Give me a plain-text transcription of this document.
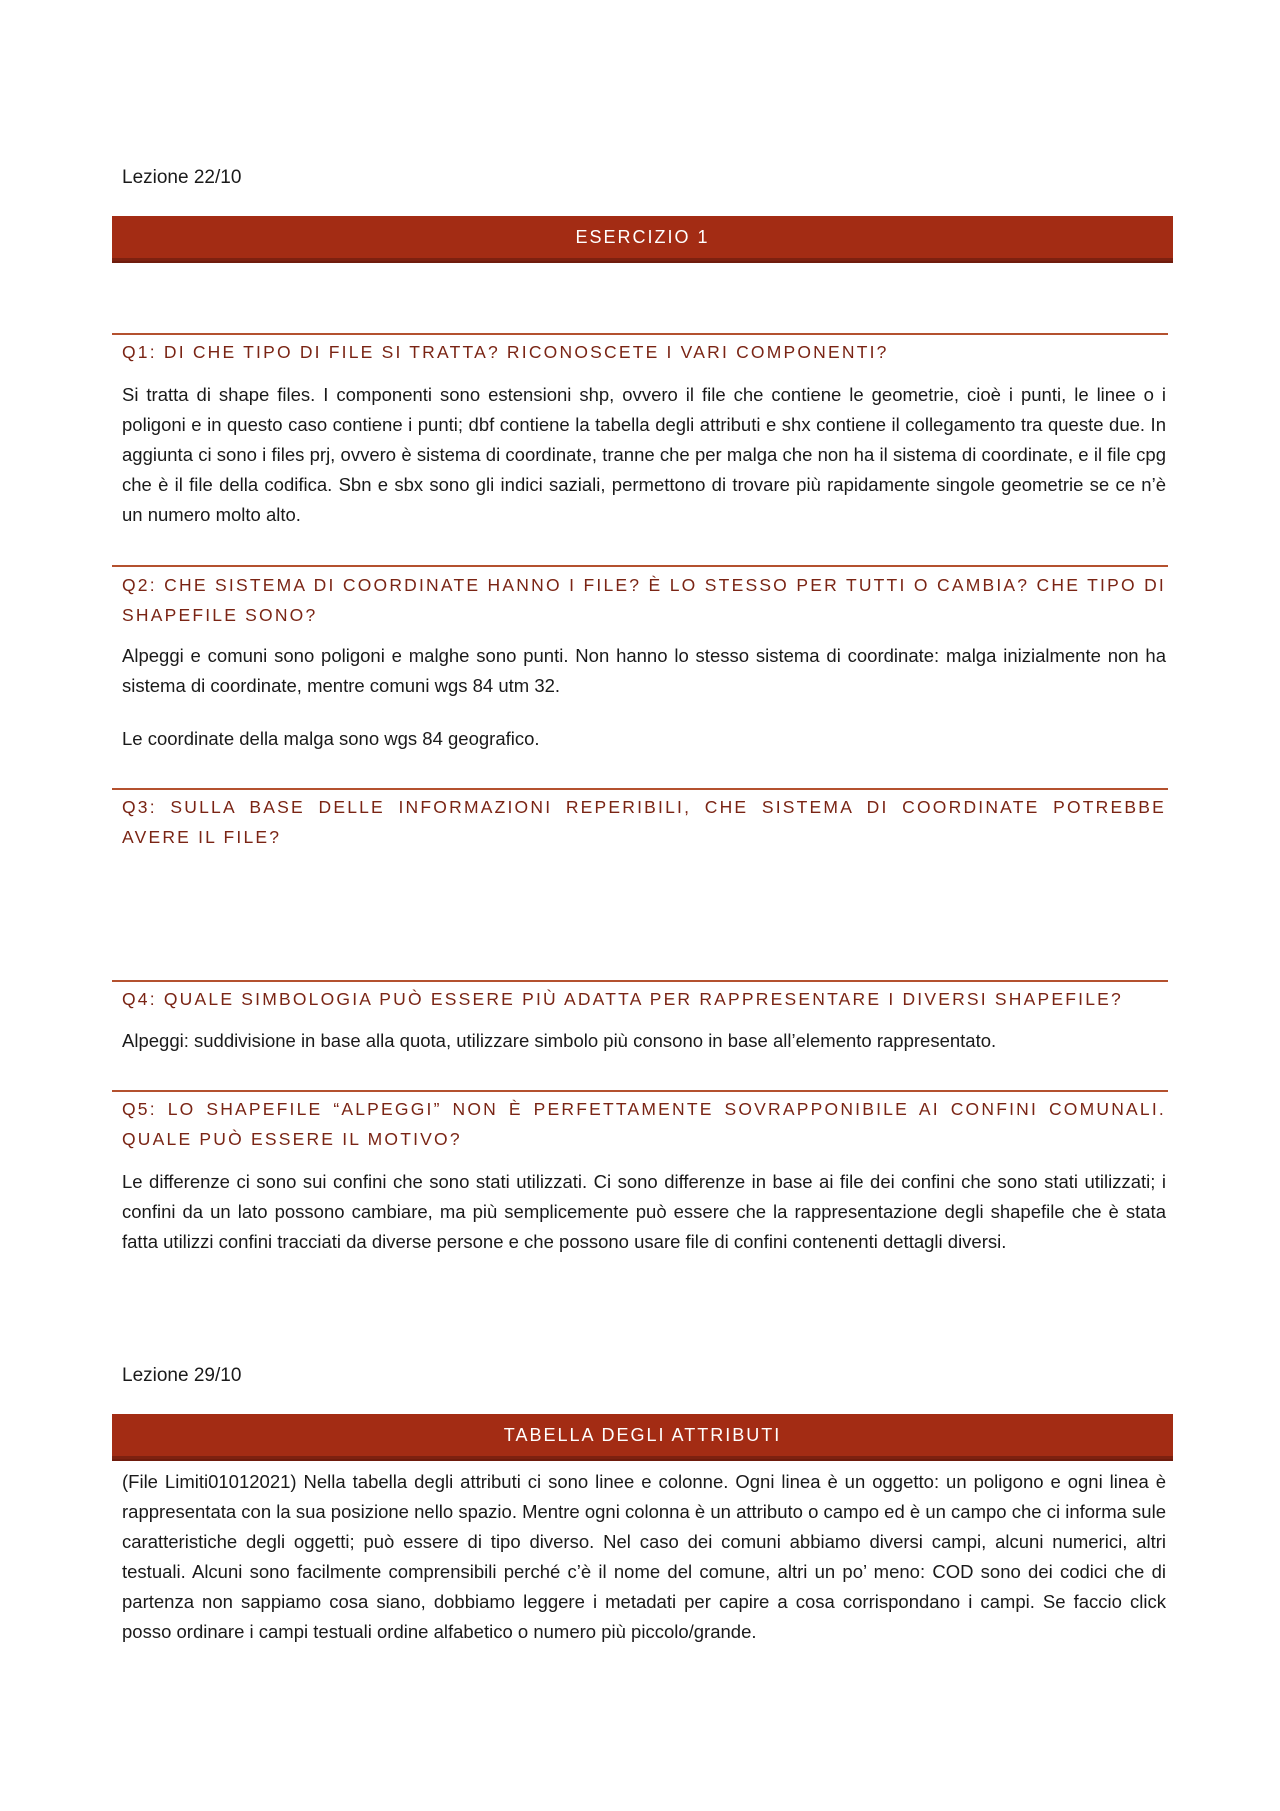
Lezione 22/10
ESERCIZIO 1
Q1: DI CHE TIPO DI FILE SI TRATTA? RICONOSCETE I VARI COMPONENTI?
Si tratta di shape files. I componenti sono estensioni shp, ovvero il file che contiene le geometrie, cioè i punti, le linee o i poligoni e in questo caso contiene i punti; dbf contiene la tabella degli attributi e shx contiene il collegamento tra queste due. In aggiunta ci sono i files prj, ovvero è sistema di coordinate, tranne che per malga che non ha il sistema di coordinate, e il file cpg che è il file della codifica. Sbn e sbx sono gli indici saziali, permettono di trovare più rapidamente singole geometrie se ce n’è un numero molto alto.
Q2: CHE SISTEMA DI COORDINATE HANNO I FILE? È LO STESSO PER TUTTI O CAMBIA? CHE TIPO DI SHAPEFILE SONO?
Alpeggi e comuni sono poligoni e malghe sono punti. Non hanno lo stesso sistema di coordinate: malga inizialmente non ha sistema di coordinate, mentre comuni wgs 84 utm 32.
Le coordinate della malga sono wgs 84 geografico.
Q3: SULLA BASE DELLE INFORMAZIONI REPERIBILI, CHE SISTEMA DI COORDINATE POTREBBE AVERE IL FILE?
Q4: QUALE SIMBOLOGIA PUÒ ESSERE PIÙ ADATTA PER RAPPRESENTARE I DIVERSI SHAPEFILE?
Alpeggi: suddivisione in base alla quota, utilizzare simbolo più consono in base all’elemento rappresentato.
Q5: LO SHAPEFILE “ALPEGGI” NON È PERFETTAMENTE SOVRAPPONIBILE AI CONFINI COMUNALI. QUALE PUÒ ESSERE IL MOTIVO?
Le differenze ci sono sui confini che sono stati utilizzati. Ci sono differenze in base ai file dei confini che sono stati utilizzati; i confini da un lato possono cambiare, ma più semplicemente può essere che la rappresentazione degli shapefile che è stata fatta utilizzi confini tracciati da diverse persone e che possono usare file di confini contenenti dettagli diversi.
Lezione 29/10
TABELLA DEGLI ATTRIBUTI
(File Limiti01012021) Nella tabella degli attributi ci sono linee e colonne. Ogni linea è un oggetto: un poligono e ogni linea è rappresentata con la sua posizione nello spazio. Mentre ogni colonna è un attributo o campo ed è un campo che ci informa sule caratteristiche degli oggetti; può essere di tipo diverso. Nel caso dei comuni abbiamo diversi campi, alcuni numerici, altri testuali. Alcuni sono facilmente comprensibili perché c’è il nome del comune, altri un po’ meno: COD sono dei codici che di partenza non sappiamo cosa siano, dobbiamo leggere i metadati per capire a cosa corrispondano i campi. Se faccio click posso ordinare i campi testuali ordine alfabetico o numero più piccolo/grande.
